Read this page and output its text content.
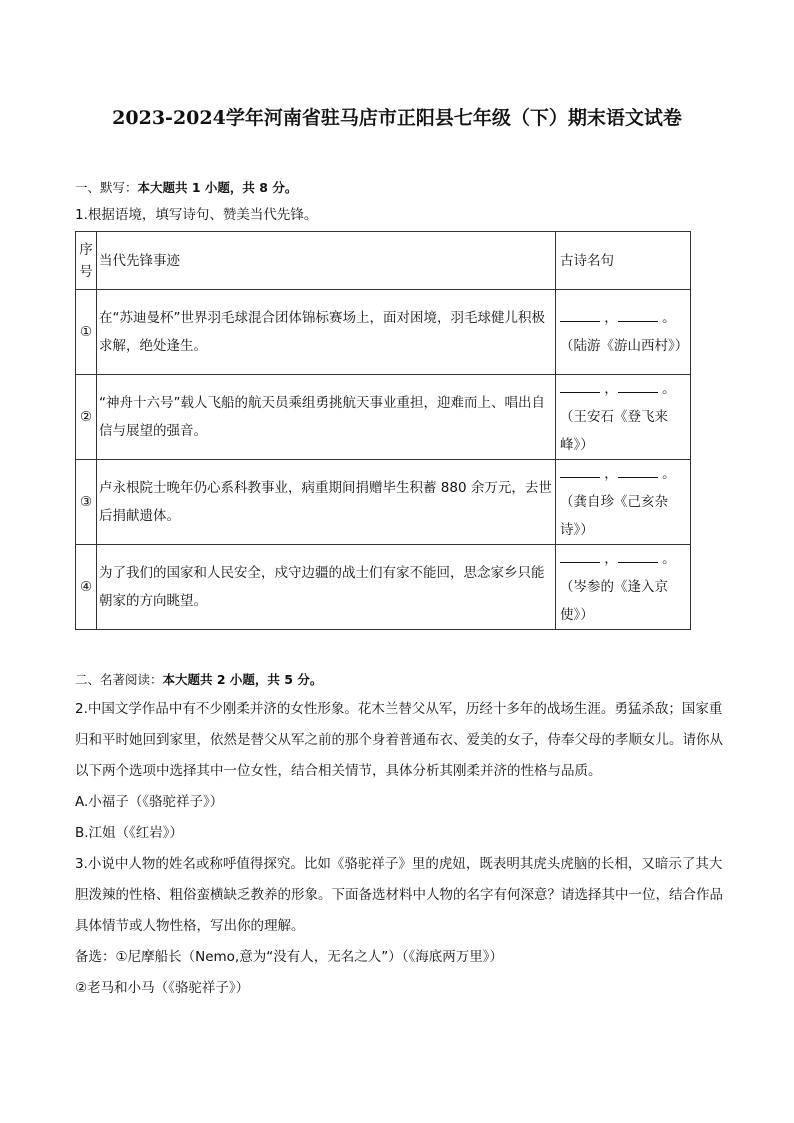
2023-2024学年河南省驻马店市正阳县七年级（下）期末语文试卷

一、默写：本大题共 1 小题，共 8 分。

1.根据语境，填写诗句、赞美当代先锋。

序号	当代先锋事迹	古诗名句
①	在“苏迪曼杯”世界羽毛球混合团体锦标赛场上，面对困境，羽毛球健儿积极求解，绝处逢生。	， 。
（陆游《游山西村》）

②	“神舟十六号”载人飞船的航天员乘组勇挑航天事业重担，迎难而上、唱出自信与展望的强音。	， 。
（王安石《登飞来峰》）

③	卢永根院士晚年仍心系科教事业，病重期间捐赠毕生积蓄 880 余万元，去世后捐献遗体。	， 。
（龚自珍《己亥杂诗》）

④	为了我们的国家和人民安全，戍守边疆的战士们有家不能回，思念家乡只能朝家的方向眺望。	， 。
（岑参的《逢入京使》）

二、名著阅读：本大题共 2 小题，共 5 分。

2.中国文学作品中有不少刚柔并济的女性形象。花木兰替父从军，历经十多年的战场生涯。勇猛杀敌；国家重归和平时她回到家里，依然是替父从军之前的那个身着普通布衣、爱美的女子，侍奉父母的孝顺女儿。请你从以下两个选项中选择其中一位女性，结合相关情节，具体分析其刚柔并济的性格与品质。

A.小福子（《骆驼祥子》）

B.江姐（《红岩》）

3.小说中人物的姓名或称呼值得探究。比如《骆驼祥子》里的虎妞，既表明其虎头虎脑的长相，又暗示了其大胆泼辣的性格、粗俗蛮横缺乏教养的形象。下面备选材料中人物的名字有何深意？请选择其中一位，结合作品具体情节或人物性格，写出你的理解。

备选：①尼摩船长（Nemo,意为“没有人，无名之人”）（《海底两万里》）

②老马和小马（《骆驼祥子》）
